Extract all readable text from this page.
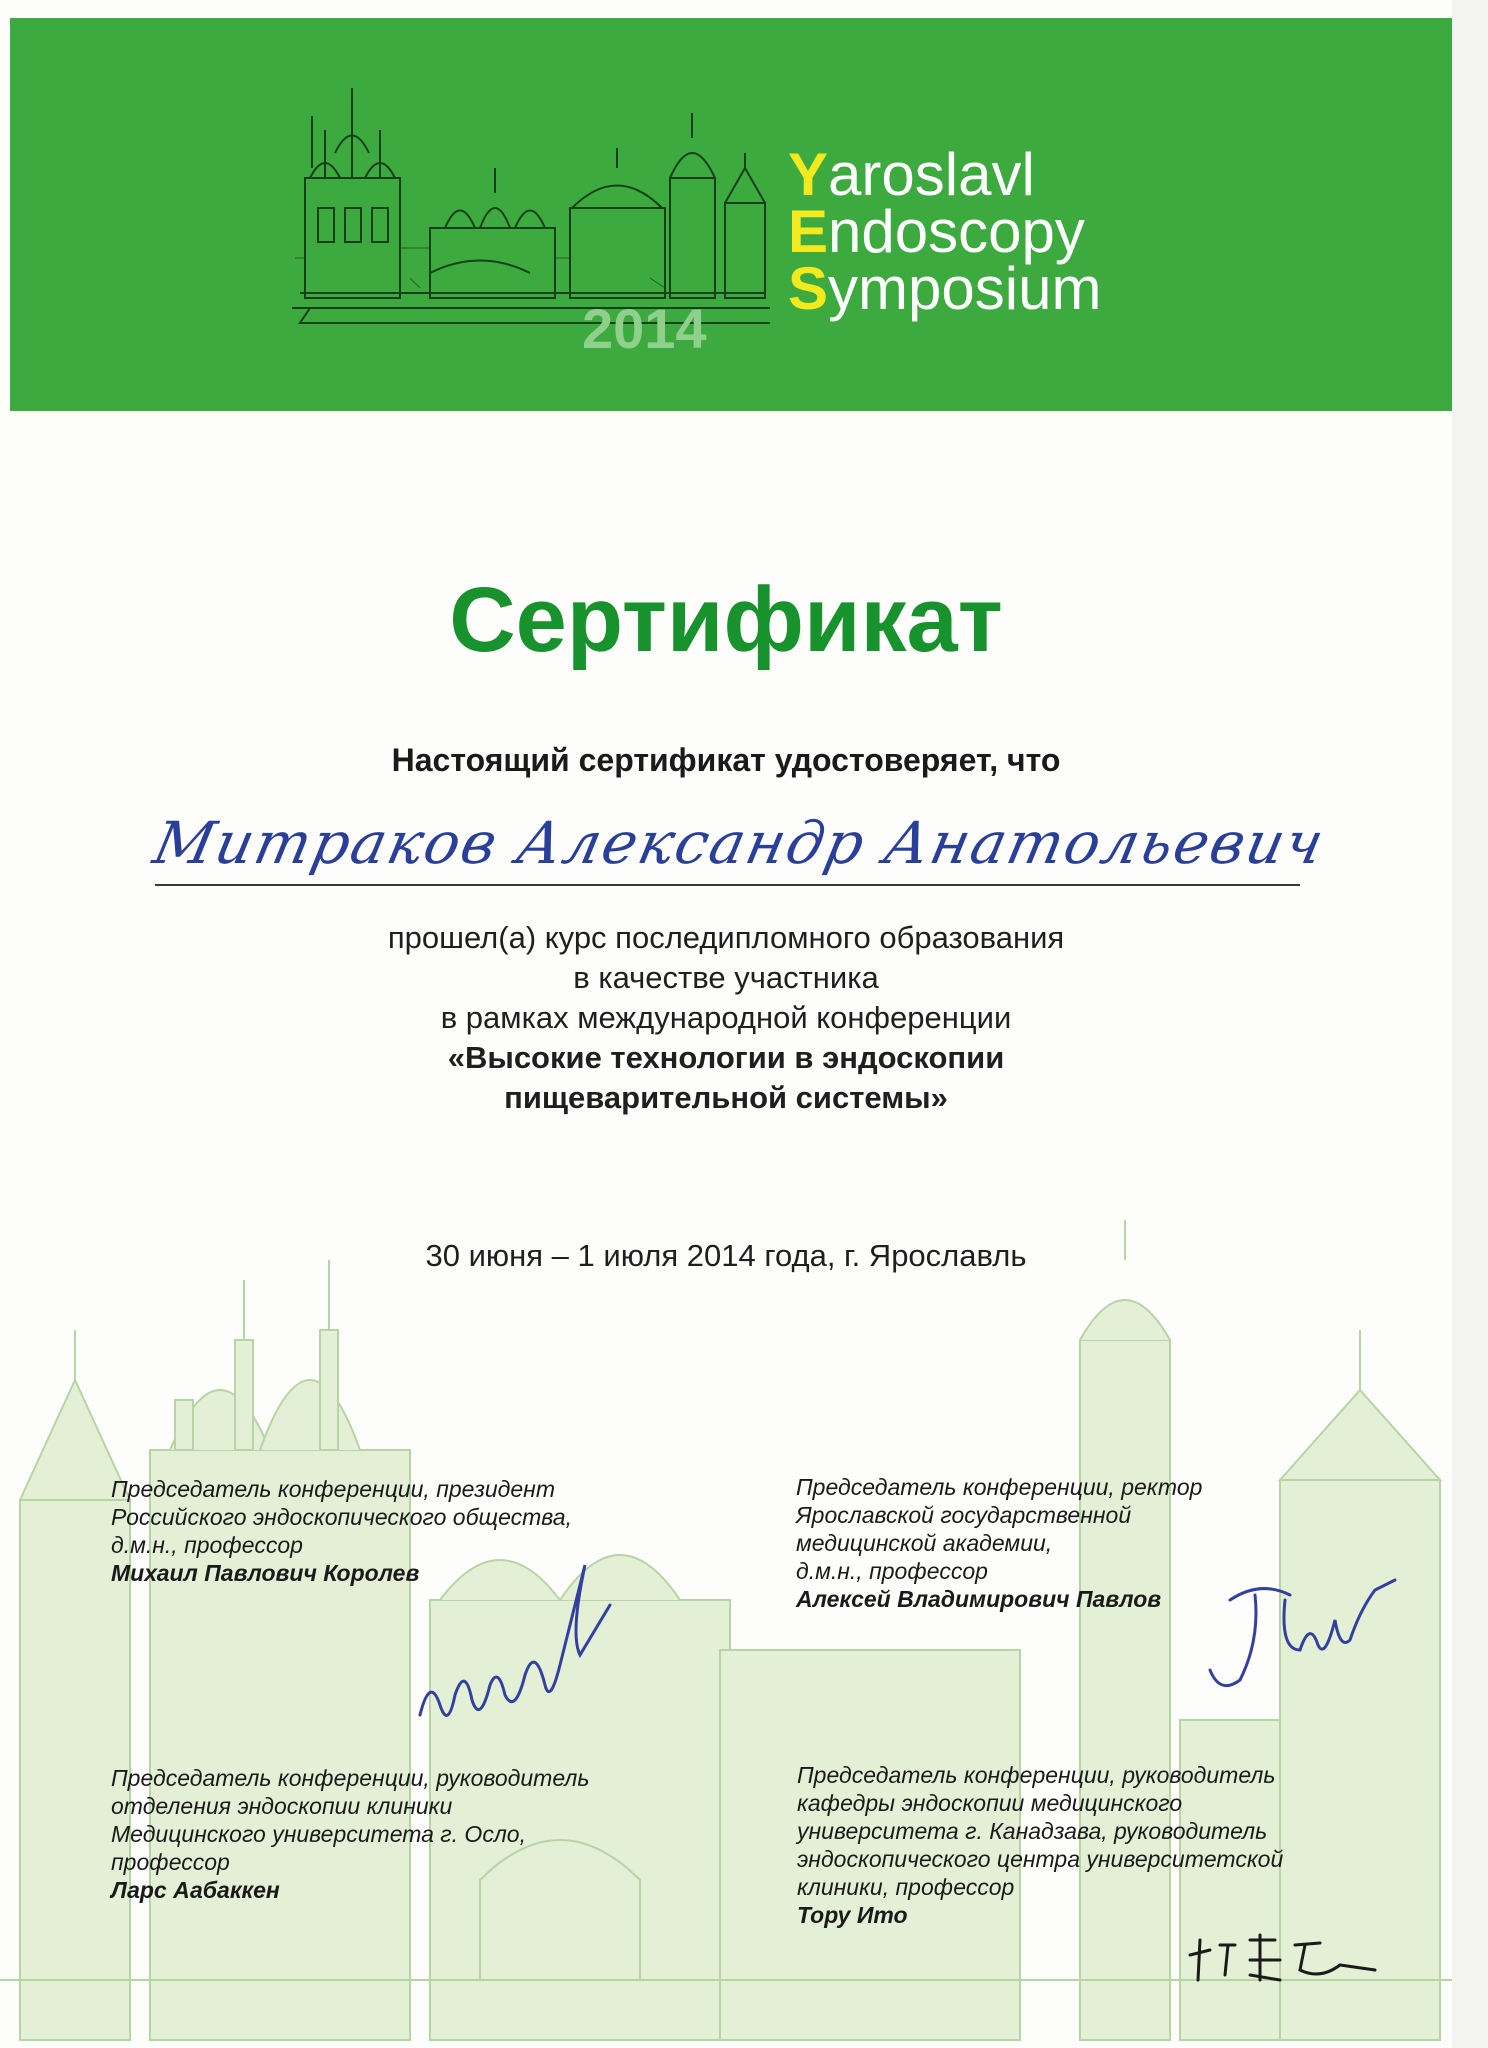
Yaroslavl
Endoscopy
Symposium
2014
Сертификат
Настоящий сертификат удостоверяет, что
Митраков Александр Анатольевич
прошел(а) курс последипломного образования
в качестве участника
в рамках международной конференции
«Высокие технологии в эндоскопии
пищеварительной системы»
30 июня – 1 июля 2014 года, г. Ярославль
Председатель конференции, президент
Российского эндоскопического общества,
д.м.н., профессор
Михаил Павлович Королев
Председатель конференции, ректор
Ярославской государственной
медицинской академии,
д.м.н., профессор
Алексей Владимирович Павлов
Председатель конференции, руководитель
отделения эндоскопии клиники
Медицинского университета г. Осло,
профессор
Ларс Аабаккен
Председатель конференции, руководитель
кафедры эндоскопии медицинского
университета г. Канадзава, руководитель
эндоскопического центра университетской
клиники, профессор
Тору Ито
